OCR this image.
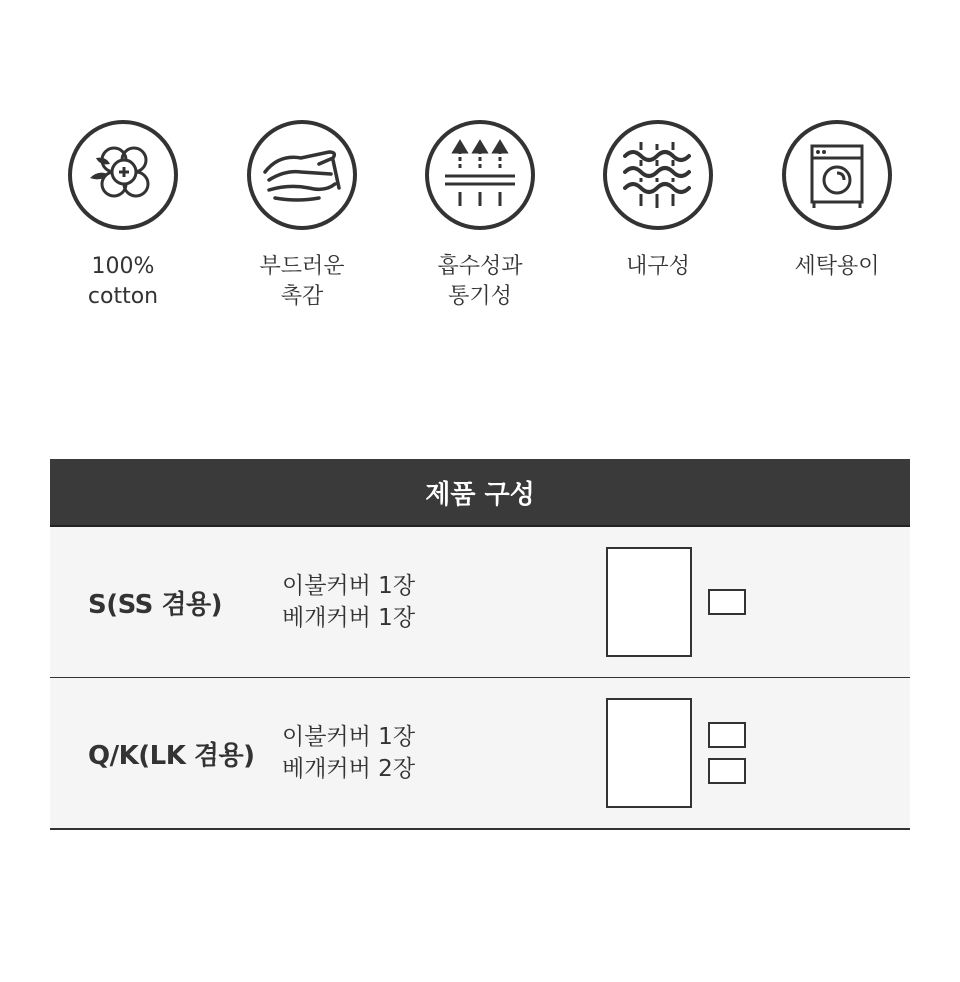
100%
cotton
부드러운
촉감
흡수성과
통기성
내구성	세탁용이
제품 구성
S(SS 겸용)
이불커버 1장
베개커버 1장
Q/K(LK 겸용)
이불커버 1장
베개커버 2장
